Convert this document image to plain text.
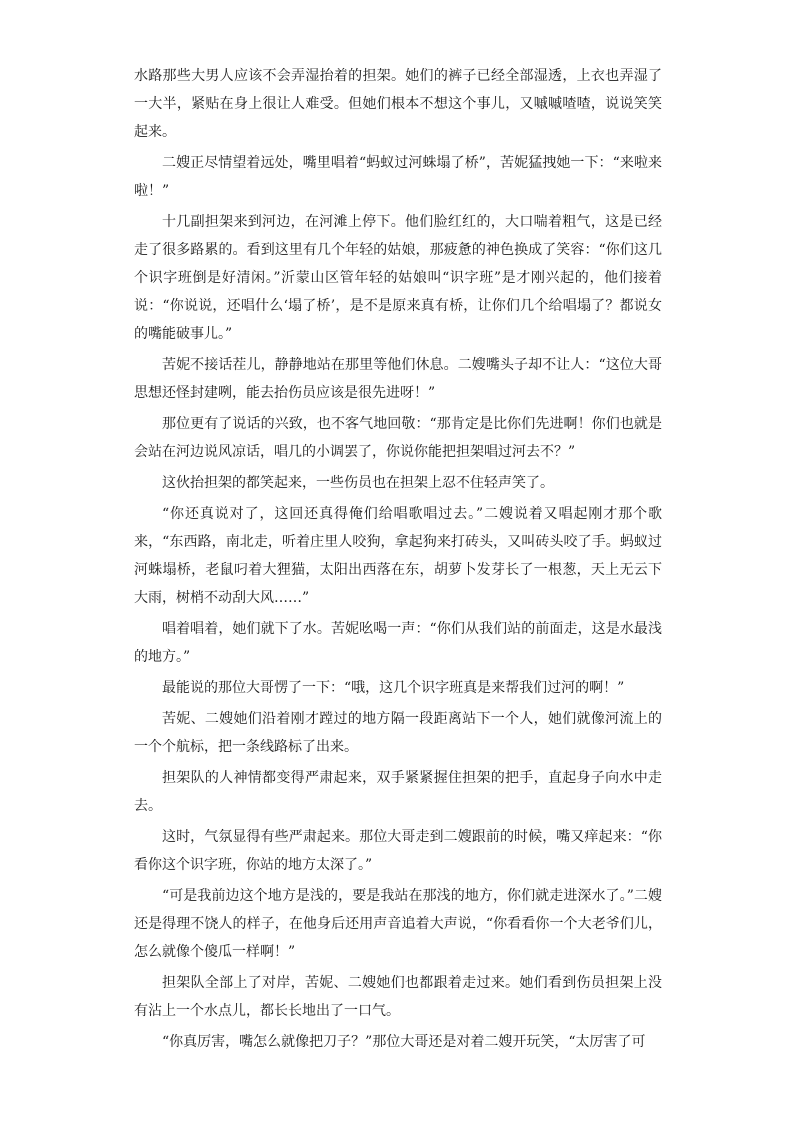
水路那些大男人应该不会弄湿抬着的担架。她们的裤子已经全部湿透，上衣也弄湿了一大半，紧贴在身上很让人难受。但她们根本不想这个事儿，又嘁嘁喳喳，说说笑笑起来。

二嫂正尽情望着远处，嘴里唱着“蚂蚁过河蛛塌了桥”，苦妮猛拽她一下：“来啦来啦！”

十几副担架来到河边，在河滩上停下。他们脸红红的，大口喘着粗气，这是已经走了很多路累的。看到这里有几个年轻的姑娘，那疲惫的神色换成了笑容：“你们这几个识字班倒是好清闲。”沂蒙山区管年轻的姑娘叫“识字班”是才刚兴起的，他们接着说：“你说说，还唱什么‘塌了桥’，是不是原来真有桥，让你们几个给唱塌了？都说女的嘴能破事儿。”

苦妮不接话茬儿，静静地站在那里等他们休息。二嫂嘴头子却不让人：“这位大哥思想还怪封建咧，能去抬伤员应该是很先进呀！”

那位更有了说话的兴致，也不客气地回敬：“那肯定是比你们先进啊！你们也就是会站在河边说风凉话，唱几的小调罢了，你说你能把担架唱过河去不？”

这伙抬担架的都笑起来，一些伤员也在担架上忍不住轻声笑了。

“你还真说对了，这回还真得俺们给唱歌唱过去。”二嫂说着又唱起刚才那个歌来，“东西路，南北走，听着庄里人咬狗，拿起狗来打砖头，又叫砖头咬了手。蚂蚁过河蛛塌桥，老鼠叼着大狸猫，太阳出西落在东，胡萝卜发芽长了一根葱，天上无云下大雨，树梢不动刮大风……”

唱着唱着，她们就下了水。苦妮吆喝一声：“你们从我们站的前面走，这是水最浅的地方。”

最能说的那位大哥愣了一下：“哦，这几个识字班真是来帮我们过河的啊！”

苦妮、二嫂她们沿着刚才蹚过的地方隔一段距离站下一个人，她们就像河流上的一个个航标，把一条线路标了出来。

担架队的人神情都变得严肃起来，双手紧紧握住担架的把手，直起身子向水中走去。

这时，气氛显得有些严肃起来。那位大哥走到二嫂跟前的时候，嘴又痒起来：“你看你这个识字班，你站的地方太深了。”

“可是我前边这个地方是浅的，要是我站在那浅的地方，你们就走进深水了。”二嫂还是得理不饶人的样子，在他身后还用声音追着大声说，“你看看你一个大老爷们儿，怎么就像个傻瓜一样啊！”

担架队全部上了对岸，苦妮、二嫂她们也都跟着走过来。她们看到伤员担架上没有沾上一个水点儿，都长长地出了一口气。

“你真厉害，嘴怎么就像把刀子？”那位大哥还是对着二嫂开玩笑，“太厉害了可
